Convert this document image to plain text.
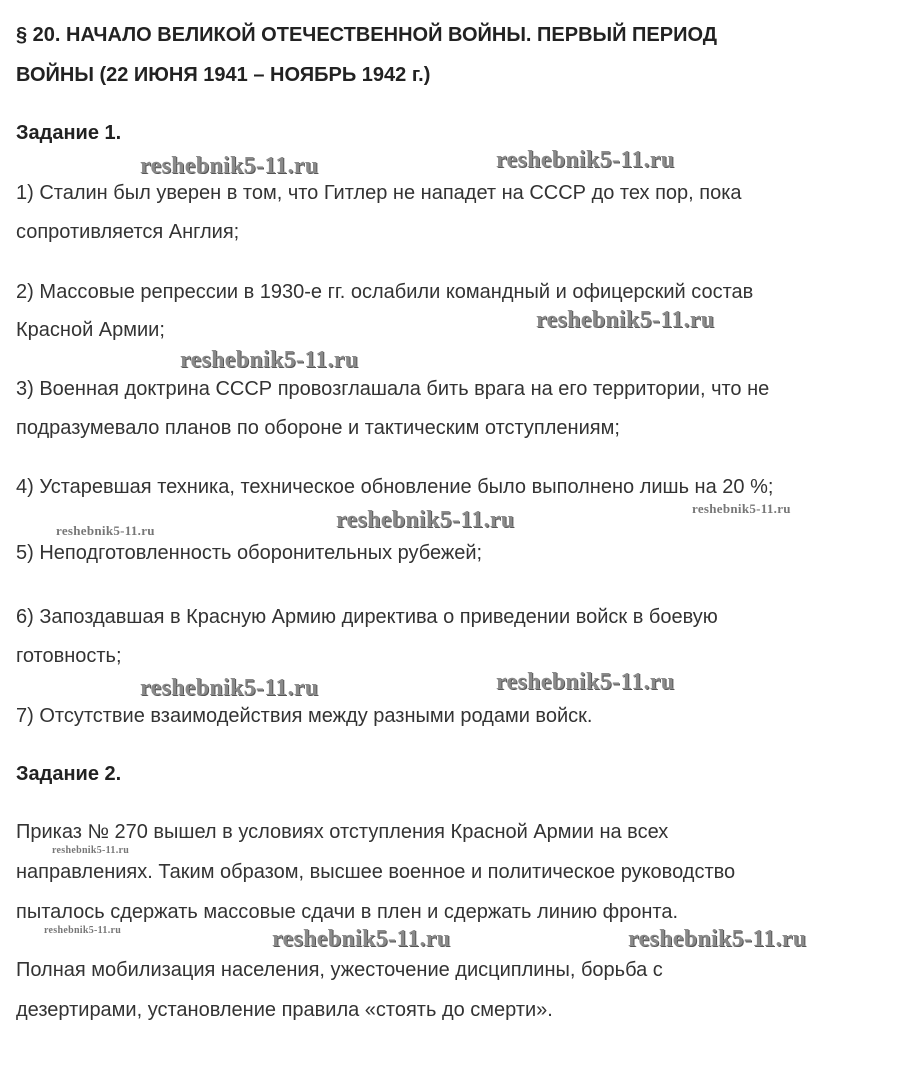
§ 20. НАЧАЛО ВЕЛИКОЙ ОТЕЧЕСТВЕННОЙ ВОЙНЫ. ПЕРВЫЙ ПЕРИОД
ВОЙНЫ (22 ИЮНЯ 1941 – НОЯБРЬ 1942 г.)
Задание 1.
1) Сталин был уверен в том, что Гитлер не нападет на СССР до тех пор, пока
сопротивляется Англия;
2) Массовые репрессии в 1930-е гг. ослабили командный и офицерский состав
Красной Армии;
3) Военная доктрина СССР провозглашала бить врага на его территории, что не
подразумевало планов по обороне и тактическим отступлениям;
4) Устаревшая техника, техническое обновление было выполнено лишь на 20 %;
5) Неподготовленность оборонительных рубежей;
6) Запоздавшая в Красную Армию директива о приведении войск в боевую
готовность;
7) Отсутствие взаимодействия между разными родами войск.
Задание 2.
Приказ № 270 вышел в условиях отступления Красной Армии на всех
направлениях. Таким образом, высшее военное и политическое руководство
пыталось сдержать массовые сдачи в плен и сдержать линию фронта.
Полная мобилизация населения, ужесточение дисциплины, борьба с
дезертирами, установление правила «стоять до смерти».
reshebnik5-11.ru	reshebnik5-11.ru
reshebnik5-11.ru
reshebnik5-11.ru
reshebnik5-11.ru
reshebnik5-11.ru	reshebnik5-11.ru
reshebnik5-11.ru	reshebnik5-11.ru
reshebnik5-11.ru
reshebnik5-11.ru	reshebnik5-11.ru	reshebnik5-11.ru
